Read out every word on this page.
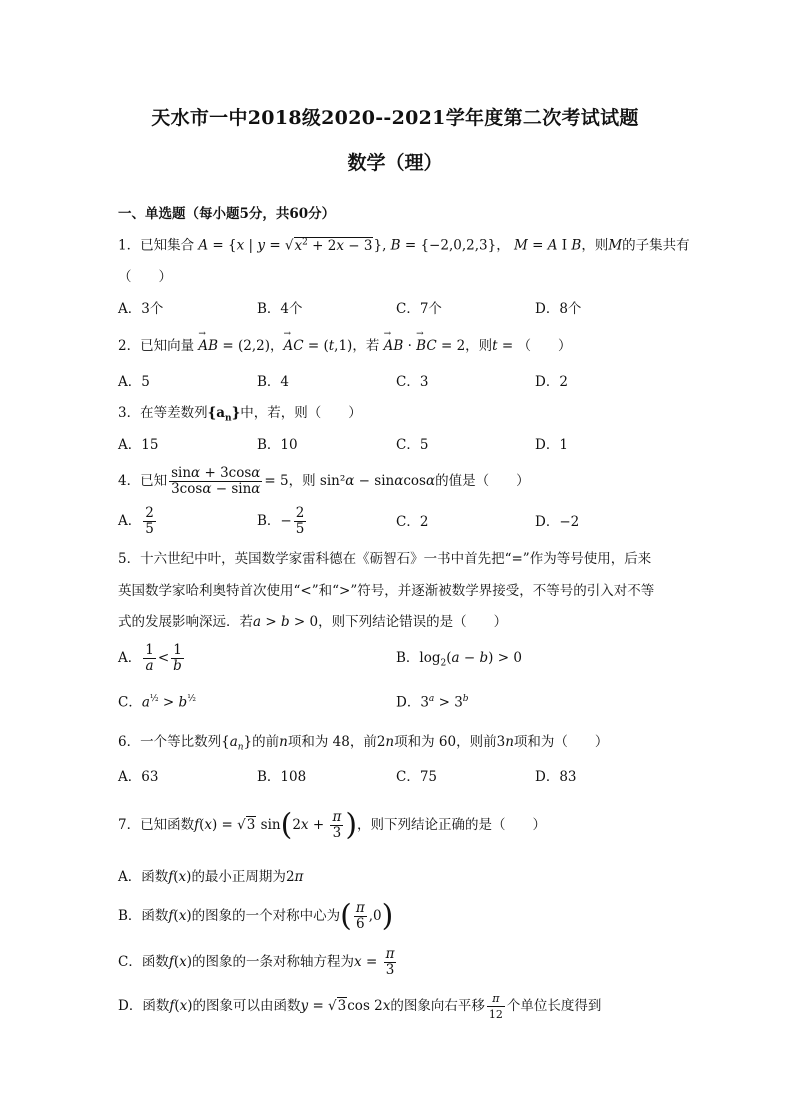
天水市一中2018级2020--2021学年度第二次考试试题
数学（理）
一、单选题（每小题5分，共60分）
1．已知集合 A = {x | $y = √x^2 + 2x - 3$}, B = {−2,0,2,3}， M = A I B，则M的子集共有
（　　）
A．3个	B．4个	C．7个	D．8个
2．已知向量 → AB = (2,2)，→ AC = (t,1)，若 → AB · → BC = 2，则t = （　　）
A．5	B．4	C．3	D．2
3．在等差数列$\{a_n\}$中，若，则（　　）
A．15	B．10	C．5	D．1
4．已知 $\frac{\sin\alpha + 3\cos\alpha}{3\cos\alpha - \sin\alpha} = 5$，则 sin²α − sinαcosα的值是（　　）
A． $\frac{2}{5}$	B．− $\frac{2}{5}$	C．2	D．−2
5．十六世纪中叶，英国数学家雷科德在《砺智石》一书中首先把“=”作为等号使用，后来
英国数学家哈利奥特首次使用“<”和“>”符号，并逐渐被数学界接受，不等号的引入对不等
式的发展影响深远．若a > b > 0，则下列结论错误的是（　　）
A． $\frac{1}{a} < \frac{1}{b}$	B．$\log_2(a - b) > 0$
C．$a^{\frac{1}{2}} > b^{\frac{1}{2}}$	D．$3^a > 3^b$
6．一个等比数列$\{a_n\}$的前n项和为 48，前2n项和为 60，则前3n项和为（　　）
A．63	B．108	C．75	D．83
7．已知函数f(x) = √3 $\sin(2x + \frac{\pi}{3}$ )，则下列结论正确的是（　　）
A．函数f(x)的最小正周期为2π
B．函数f(x)的图象的一个对称中心为( $\frac{\pi}{6} ,0$)
C．函数f(x)的图象的一条对称轴方程为$x = \frac{\pi}{3}$
D．函数f(x)的图象可以由函数y = √3cos 2x的图象向右平移 $\frac{\pi}{12}$ 个单位长度得到
